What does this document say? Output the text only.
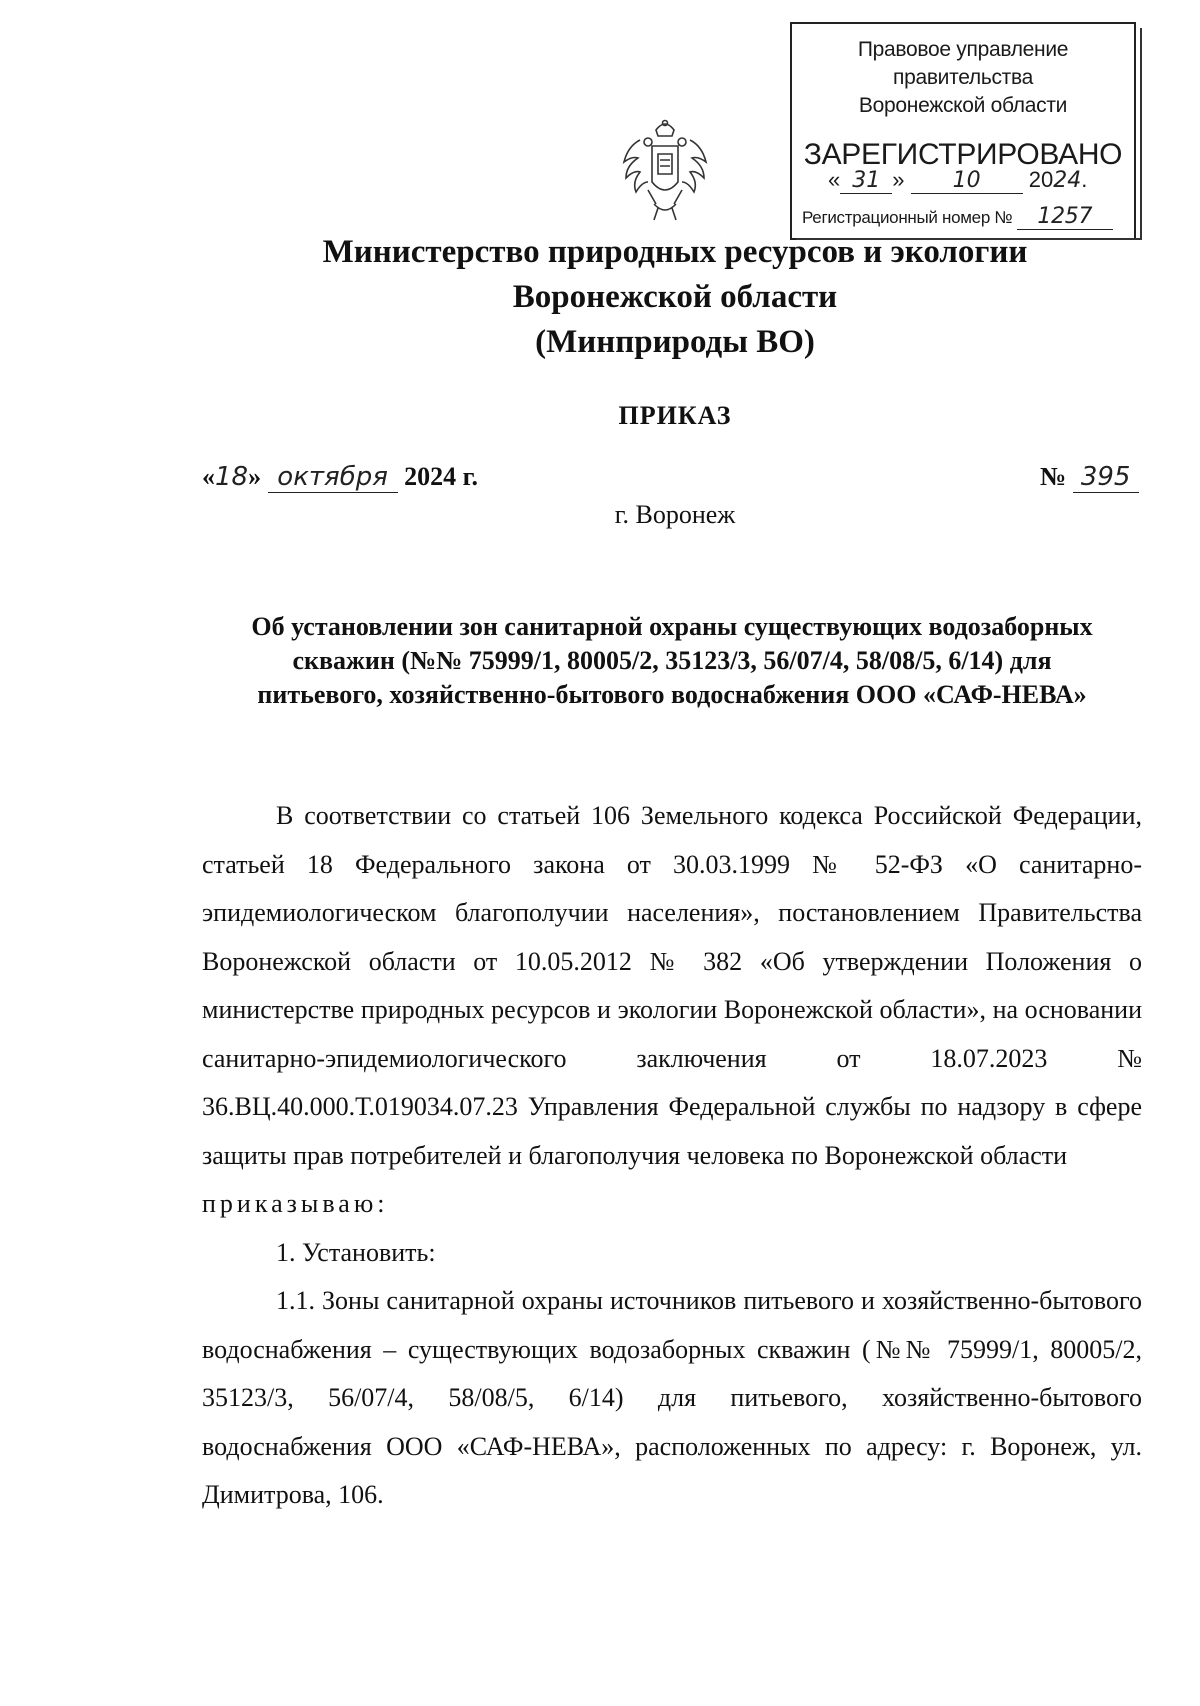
Правовое управление правительства
Воронежской области
ЗАРЕГИСТРИРОВАНО
« 31 » 10 2024.
Регистрационный номер № 1257
Министерство природных ресурсов и экологии
Воронежской области
(Минприроды ВО)
ПРИКАЗ
«18» октября 2024 г.	№ 395
г. Воронеж
Об установлении зон санитарной охраны существующих водозаборных
скважин (№№ 75999/1, 80005/2, 35123/3, 56/07/4, 58/08/5, 6/14) для
питьевого, хозяйственно-бытового водоснабжения ООО «САФ-НЕВА»

В соответствии со статьей 106 Земельного кодекса Российской Федерации, статьей 18 Федерального закона от 30.03.1999 № 52-ФЗ «О санитарно-эпидемиологическом благополучии населения», постановлением Правительства Воронежской области от 10.05.2012 № 382 «Об утверждении Положения о министерстве природных ресурсов и экологии Воронежской области», на основании санитарно-эпидемиологического заключения от 18.07.2023 № 36.ВЦ.40.000.Т.019034.07.23 Управления Федеральной службы по надзору в сфере защиты прав потребителей и благополучия человека по Воронежской области

приказываю:

1. Установить:

1.1. Зоны санитарной охраны источников питьевого и хозяйственно-бытового водоснабжения – существующих водозаборных скважин (№№ 75999/1, 80005/2, 35123/3, 56/07/4, 58/08/5, 6/14) для питьевого, хозяйственно-бытового водоснабжения ООО «САФ-НЕВА», расположенных по адресу: г. Воронеж, ул. Димитрова, 106.
